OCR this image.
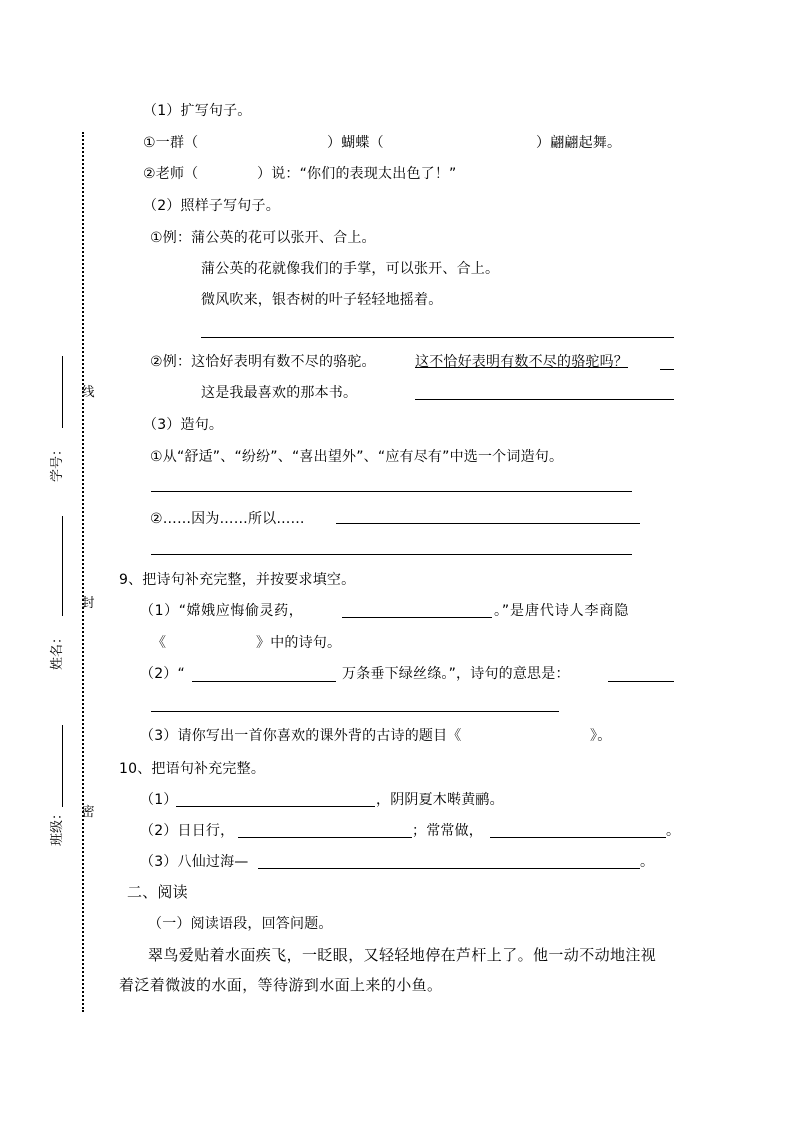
线
封
密
学号：
姓名：
班级：
（1）扩写句子。
①一群（	）蝴蝶（	）翩翩起舞。
②老师（	）说：“你们的表现太出色了！”
（2）照样子写句子。
①例：蒲公英的花可以张开、合上。
蒲公英的花就像我们的手掌，可以张开、合上。
微风吹来，银杏树的叶子轻轻地摇着。
②例：这恰好表明有数不尽的骆驼。	这不恰好表明有数不尽的骆驼吗？
这是我最喜欢的那本书。
（3）造句。
①从“舒适”、“纷纷”、“喜出望外”、“应有尽有”中选一个词造句。
②……因为……所以……
9、把诗句补充完整，并按要求填空。
（1）“嫦娥应悔偷灵药，	。”是唐代诗人李商隐
《	》中的诗句。
（2）“	万条垂下绿丝绦。”，诗句的意思是：
（3）请你写出一首你喜欢的课外背的古诗的题目《	》。
10、把语句补充完整。
（1）	，阴阴夏木啭黄鹂。
（2）日日行，	；常常做，	。
（3）八仙过海—	。
二、阅读
（一）阅读语段，回答问题。
翠鸟爱贴着水面疾飞，一眨眼，又轻轻地停在芦杆上了。他一动不动地注视
着泛着微波的水面，等待游到水面上来的小鱼。
